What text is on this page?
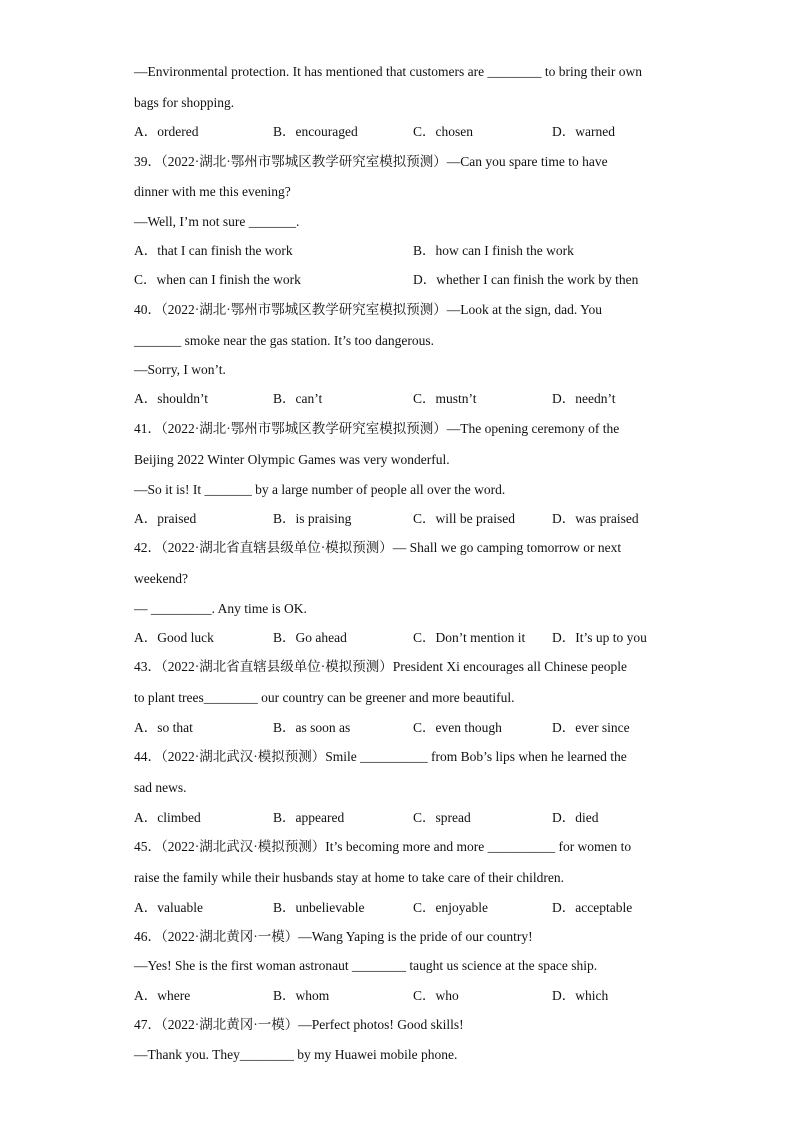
—Environmental protection. It has mentioned that customers are ________ to bring their own
bags for shopping.
A．ordered	B．encouraged	C．chosen	D．warned
39．（2022·湖北·鄂州市鄂城区教学研究室模拟预测）—Can you spare time to have
dinner with me this evening?
—Well, I’m not sure _______.
A．that I can finish the work	B．how can I finish the work
C．when can I finish the work	D．whether I can finish the work by then
40．（2022·湖北·鄂州市鄂城区教学研究室模拟预测）—Look at the sign, dad. You
_______ smoke near the gas station. It’s too dangerous.
—Sorry, I won’t.
A．shouldn’t	B．can’t	C．mustn’t	D．needn’t
41．（2022·湖北·鄂州市鄂城区教学研究室模拟预测）—The opening ceremony of the
Beijing 2022 Winter Olympic Games was very wonderful.
—So it is! It _______ by a large number of people all over the word.
A．praised	B．is praising	C．will be praised	D．was praised
42．（2022·湖北省直辖县级单位·模拟预测）— Shall we go camping tomorrow or next
weekend?
— _________. Any time is OK.
A．Good luck	B．Go ahead	C．Don’t mention it D．It’s up to you
43．（2022·湖北省直辖县级单位·模拟预测）President Xi encourages all Chinese people
to plant trees________ our country can be greener and more beautiful.
A．so that	B．as soon as	C．even though	D．ever since
44．（2022·湖北武汉·模拟预测）Smile __________ from Bob’s lips when he learned the
sad news.
A．climbed	B．appeared	C．spread	D．died
45．（2022·湖北武汉·模拟预测）It’s becoming more and more __________ for women to
raise the family while their husbands stay at home to take care of their children.
A．valuable	B．unbelievable	C．enjoyable	D．acceptable
46．（2022·湖北黄冈·一模）—Wang Yaping is the pride of our country!
—Yes! She is the first woman astronaut ________ taught us science at the space ship.
A．where	B．whom	C．who	D．which
47．（2022·湖北黄冈·一模）—Perfect photos! Good skills!
—Thank you. They________ by my Huawei mobile phone.
